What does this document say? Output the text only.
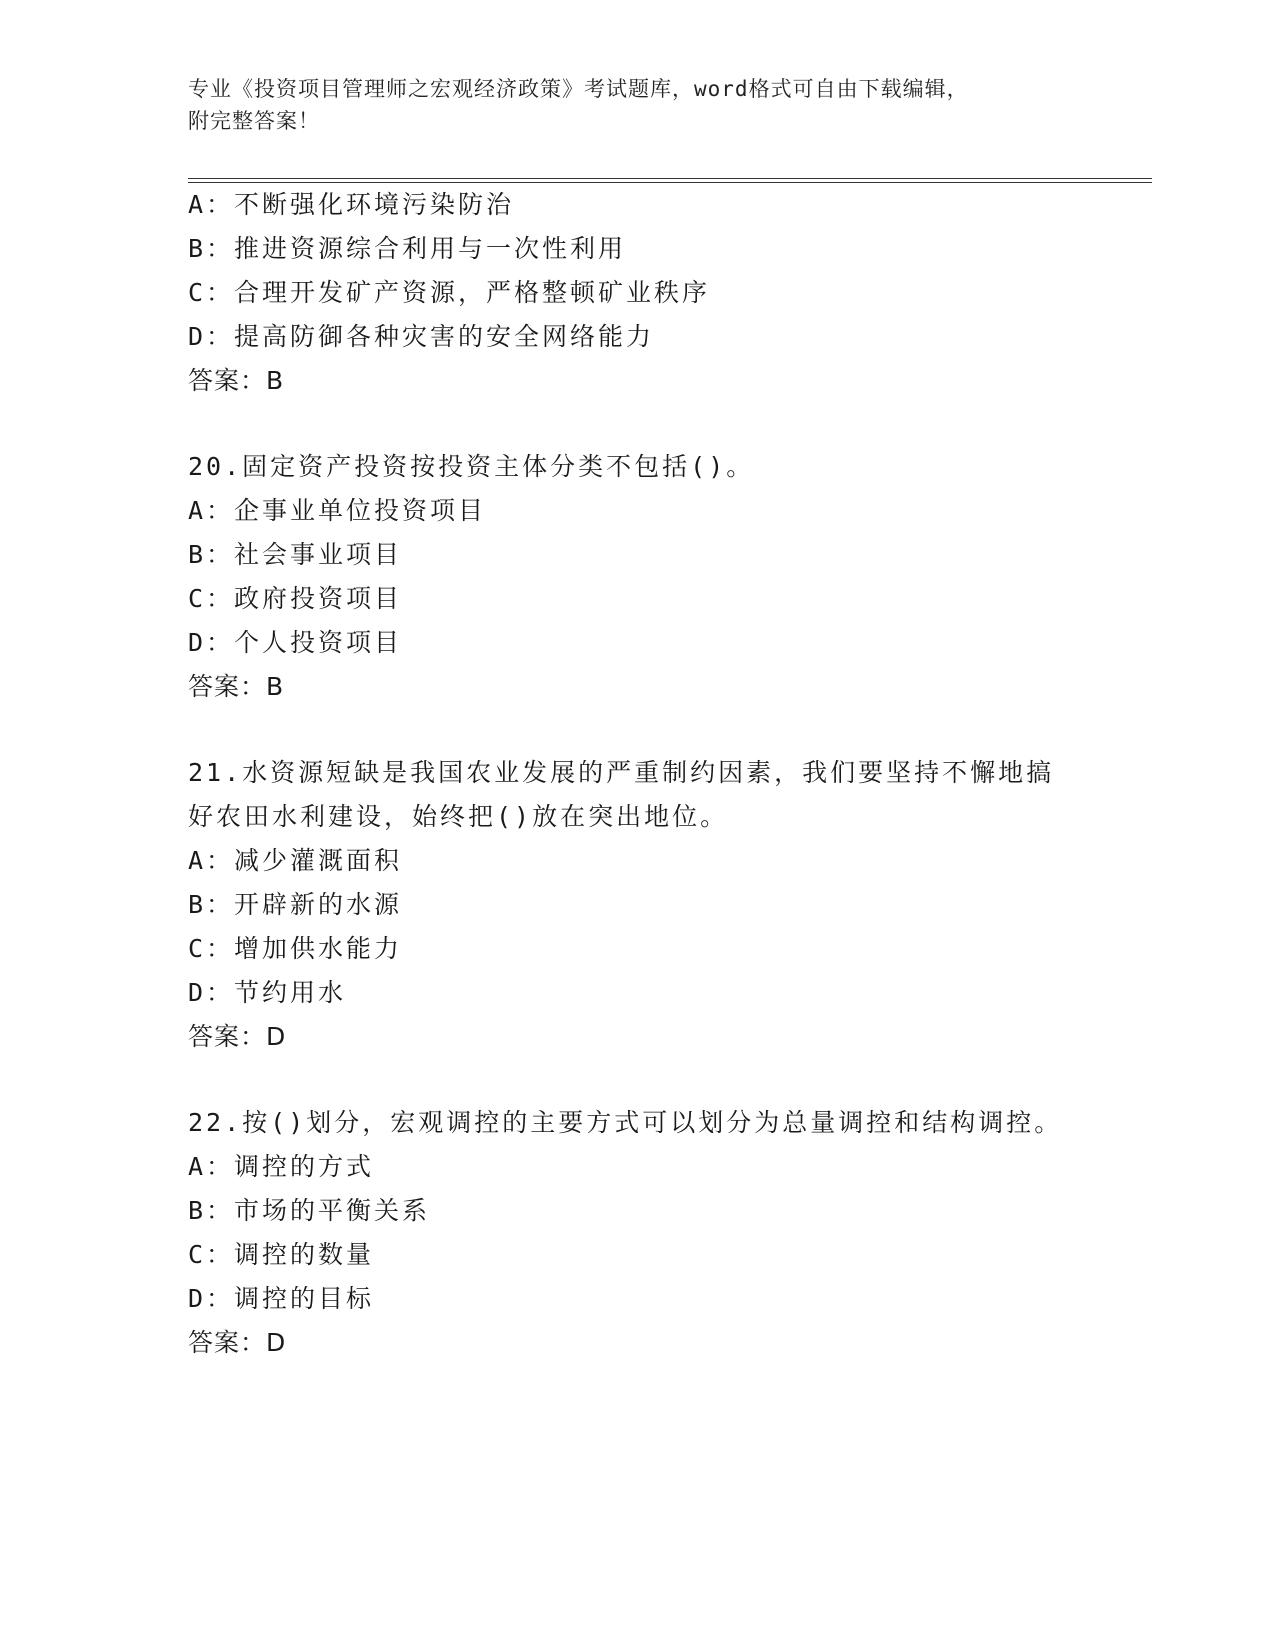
专业《投资项目管理师之宏观经济政策》考试题库，word格式可自由下载编辑，
附完整答案！
A：不断强化环境污染防治
B：推进资源综合利用与一次性利用
C：合理开发矿产资源，严格整顿矿业秩序
D：提高防御各种灾害的安全网络能力
答案：B
20.固定资产投资按投资主体分类不包括()。
A：企事业单位投资项目
B：社会事业项目
C：政府投资项目
D：个人投资项目
答案：B
21.水资源短缺是我国农业发展的严重制约因素，我们要坚持不懈地搞
好农田水利建设，始终把()放在突出地位。
A：减少灌溉面积
B：开辟新的水源
C：增加供水能力
D：节约用水
答案：D
22.按()划分，宏观调控的主要方式可以划分为总量调控和结构调控。
A：调控的方式
B：市场的平衡关系
C：调控的数量
D：调控的目标
答案：D
